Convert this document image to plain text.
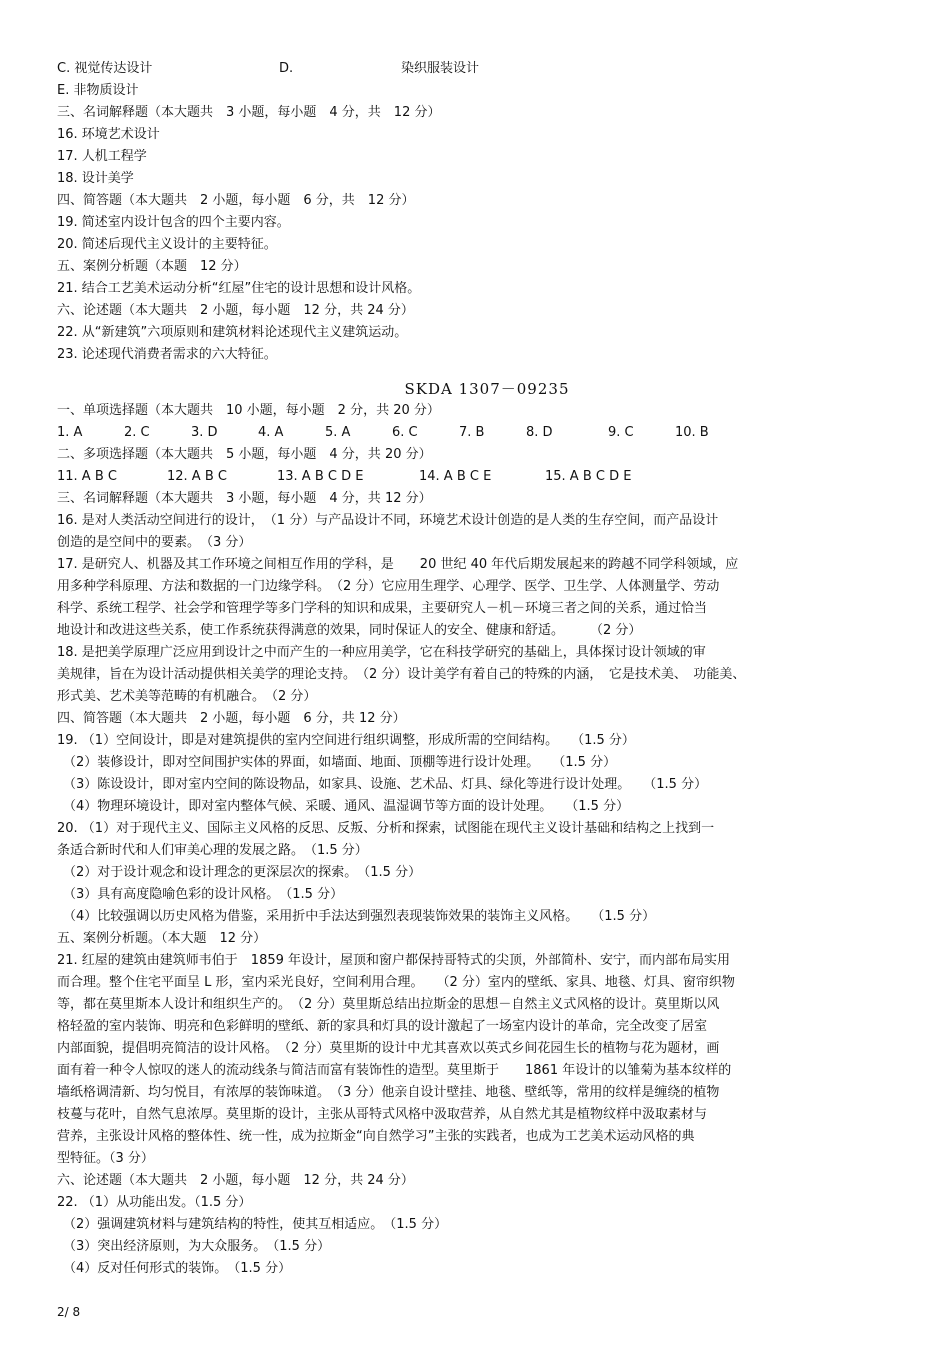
C. 视觉传达设计	D.	染织服装设计
E. 非物质设计
三、名词解释题（本大题共　3 小题，每小题　4 分，共　12 分）
16. 环境艺术设计
17. 人机工程学
18. 设计美学
四、简答题（本大题共　2 小题，每小题　6 分，共　12 分）
19. 简述室内设计包含的四个主要内容。
20. 简述后现代主义设计的主要特征。
五、案例分析题（本题　12 分）
21. 结合工艺美术运动分析“红屋”住宅的设计思想和设计风格。
六、论述题（本大题共　2 小题，每小题　12 分，共 24 分）
22. 从“新建筑”六项原则和建筑材料论述现代主义建筑运动。
23. 论述现代消费者需求的六大特征。
SKDA 1307－09235
一、单项选择题（本大题共　10 小题，每小题　2 分，共 20 分）
1. A	2. C	3. D	4. A	5. A	6. C	7. B	8. D	9. C	10. B
二、多项选择题（本大题共　5 小题，每小题　4 分，共 20 分）
11. A B C	12. A B C	13. A B C D E	14. A B C E	15. A B C D E
三、名词解释题（本大题共　3 小题，每小题　4 分，共 12 分）
16. 是对人类活动空间进行的设计，　（1 分）与产品设计不同，环境艺术设计创造的是人类的生存空间，而产品设计
创造的是空间中的要素。　（3 分）
17. 是研究人、机器及其工作环境之间相互作用的学科，是　　20 世纪 40 年代后期发展起来的跨越不同学科领域，应
用多种学科原理、方法和数据的一门边缘学科。　（2 分）它应用生理学、心理学、医学、卫生学、人体测量学、劳动
科学、系统工程学、社会学和管理学等多门学科的知识和成果，主要研究人－机－环境三者之间的关系，通过恰当
地设计和改进这些关系，使工作系统获得满意的效果，同时保证人的安全、健康和舒适。　　　（2 分）
18. 是把美学原理广泛应用到设计之中而产生的一种应用美学，它在科技学研究的基础上，具体探讨设计领域的审
美规律，旨在为设计活动提供相关美学的理论支持。　（2 分）设计美学有着自己的特殊的内涵，　它是技术美、　功能美、
形式美、艺术美等范畴的有机融合。　（2 分）
四、简答题（本大题共　2 小题，每小题　6 分，共 12 分）
19. （1）空间设计，即是对建筑提供的室内空间进行组织调整，形成所需的空间结构。　　（1.5 分）
（2）装修设计，即对空间围护实体的界面，如墙面、地面、顶棚等进行设计处理。　　（1.5 分）
（3）陈设设计，即对室内空间的陈设物品，如家具、设施、艺术品、灯具、绿化等进行设计处理。　　（1.5 分）
（4）物理环境设计，即对室内整体气候、采暖、通风、温湿调节等方面的设计处理。　　（1.5 分）
20. （1）对于现代主义、国际主义风格的反思、反叛、分析和探索，试图能在现代主义设计基础和结构之上找到一
条适合新时代和人们审美心理的发展之路。　（1.5 分）
（2）对于设计观念和设计理念的更深层次的探索。　（1.5 分）
（3）具有高度隐喻色彩的设计风格。　（1.5 分）
（4）比较强调以历史风格为借鉴，采用折中手法达到强烈表现装饰效果的装饰主义风格。　　（1.5 分）
五、案例分析题。（本大题　12 分）
21. 红屋的建筑由建筑师韦伯于　1859 年设计，屋顶和窗户都保持哥特式的尖顶，外部简朴、安宁，而内部布局实用
而合理。整个住宅平面呈 L 形，室内采光良好，空间利用合理。　　（2 分）室内的壁纸、家具、地毯、灯具、窗帘织物
等，都在莫里斯本人设计和组织生产的。　（2 分）莫里斯总结出拉斯金的思想－自然主义式风格的设计。莫里斯以风
格轻盈的室内装饰、明亮和色彩鲜明的壁纸、新的家具和灯具的设计激起了一场室内设计的革命，完全改变了居室
内部面貌，提倡明亮简洁的设计风格。　（2 分）莫里斯的设计中尤其喜欢以英式乡间花园生长的植物与花为题材，画
面有着一种令人惊叹的迷人的流动线条与简洁而富有装饰性的造型。莫里斯于　　1861 年设计的以雏菊为基本纹样的
墙纸格调清新、均匀悦目，有浓厚的装饰味道。　（3 分）他亲自设计壁挂、地毯、壁纸等，常用的纹样是缠绕的植物
枝蔓与花叶，自然气息浓厚。莫里斯的设计，主张从哥特式风格中汲取营养，从自然尤其是植物纹样中汲取素材与
营养，主张设计风格的整体性、统一性，成为拉斯金“向自然学习”主张的实践者，也成为工艺美术运动风格的典
型特征。（3 分）
六、论述题（本大题共　2 小题，每小题　12 分，共 24 分）
22. （1）从功能出发。（1.5 分）
（2）强调建筑材料与建筑结构的特性，使其互相适应。　（1.5 分）
（3）突出经济原则，为大众服务。　（1.5 分）
（4）反对任何形式的装饰。　（1.5 分）
2/ 8
